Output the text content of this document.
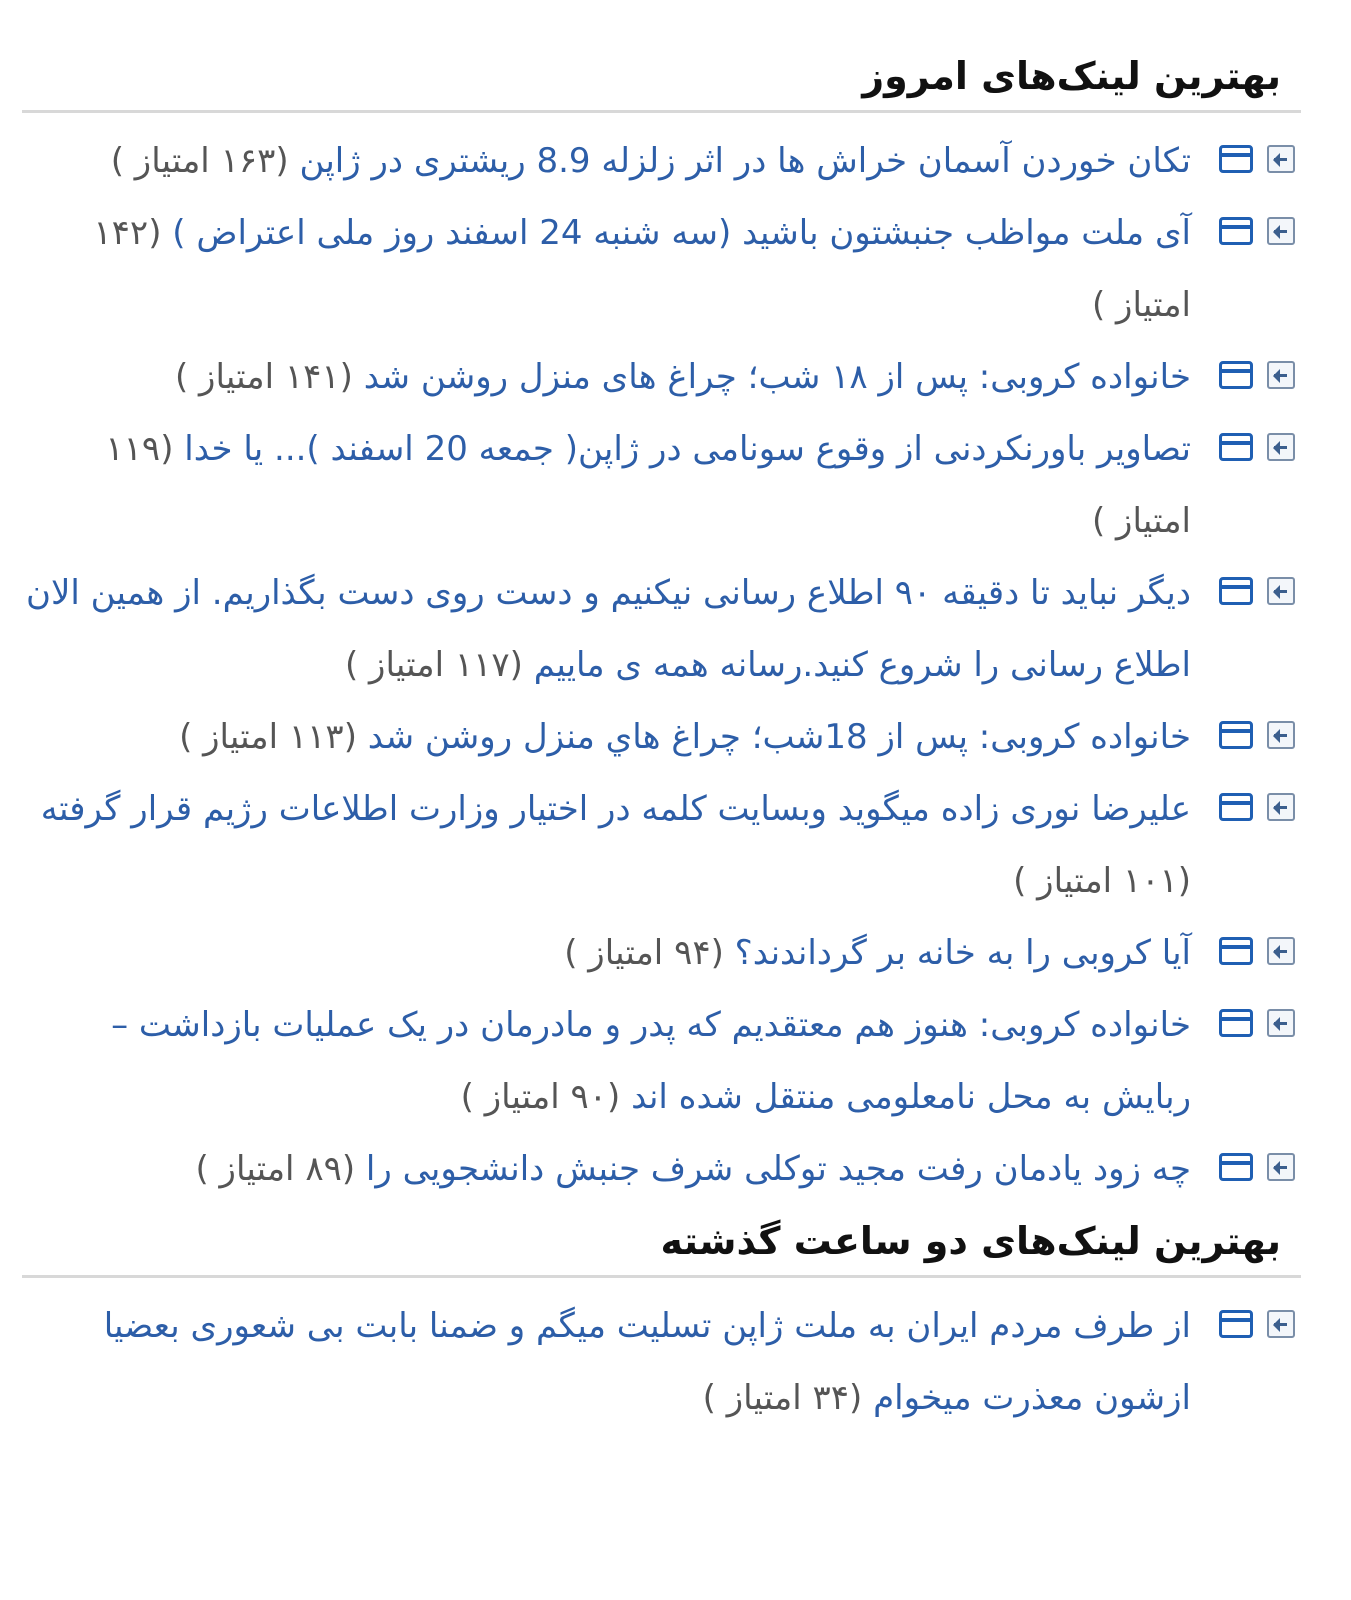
بهترین لینک‌های امروز
تکان خوردن آسمان خراش ها در اثر زلزله 8.9 ریشتری در ژاپن (۱۶۳ امتیاز )
آی ملت مواظب جنبشتون باشید (سه شنبه 24 اسفند روز ملی اعتراض ) (۱۴۲ امتیاز )
خانواده کروبی: پس از ۱۸ شب؛ چراغ های منزل روشن شد (۱۴۱ امتیاز )
تصاویر باورنکردنی از وقوع سونامی در ژاپن( جمعه 20 اسفند )... یا خدا (۱۱۹ امتیاز )
دیگر نباید تا دقیقه ۹۰ اطلاع رسانی نیکنیم و دست روی دست بگذاریم. از همین الان اطلاع رسانی را شروع کنید.رسانه همه ی ماییم (۱۱۷ امتیاز )
خانواده کروبی: پس از 18شب؛ چراغ هاي منزل روشن شد (۱۱۳ امتیاز )
علیرضا نوری زاده میگوید وبسایت کلمه در اختیار وزارت اطلاعات رژیم قرار گرفته (۱۰۱ امتیاز )
آیا کروبی را به خانه بر گرداندند؟ (۹۴ امتیاز )
خانواده کروبی: هنوز هم معتقدیم که پدر و مادرمان در یک عملیات بازداشت – ربایش به محل نامعلومی منتقل شده اند (۹۰ امتیاز )
چه زود یادمان رفت مجید توکلی شرف جنبش دانشجویی را (۸۹ امتیاز )
بهترین لینک‌های دو ساعت گذشته
از طرف مردم ایران به ملت ژاپن تسلیت میگم و ضمنا بابت بی شعوری بعضیا ازشون معذرت میخوام (۳۴ امتیاز )
